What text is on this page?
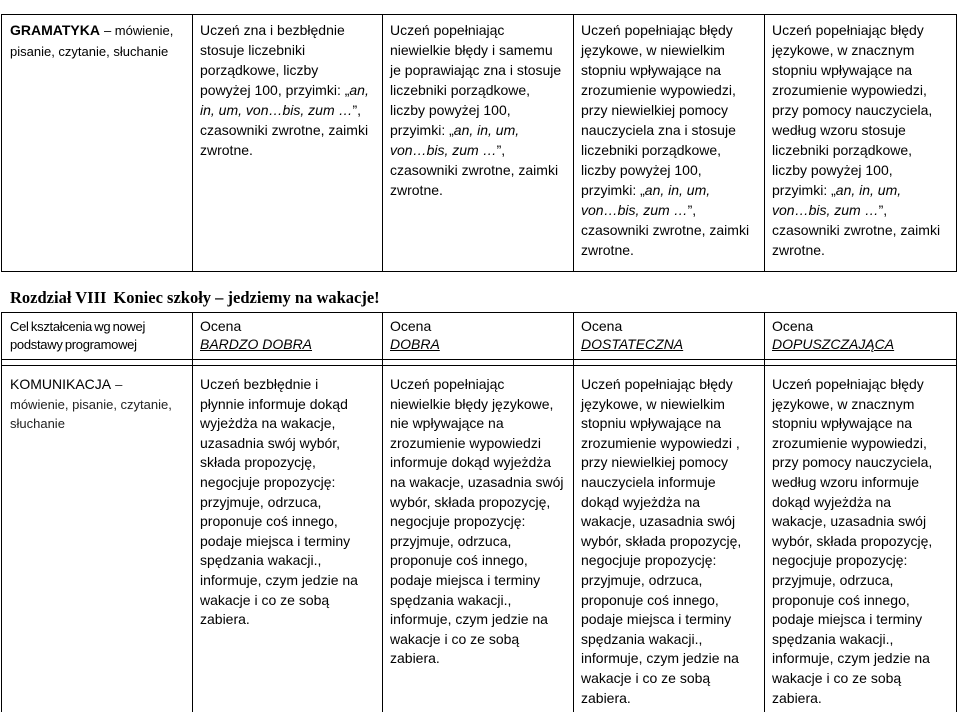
GRAMATYKA – mówienie,
pisanie, czytanie, słuchanie
Uczeń zna i bezbłędnie
stosuje liczebniki
porządkowe, liczby
powyżej 100, przyimki: „an,
in, um, von…bis, zum …”,
czasowniki zwrotne, zaimki
zwrotne.
Uczeń popełniając
niewielkie błędy i samemu
je poprawiając zna i stosuje
liczebniki porządkowe,
liczby powyżej 100,
przyimki: „an, in, um,
von…bis, zum …”,
czasowniki zwrotne, zaimki
zwrotne.
Uczeń popełniając błędy
językowe, w niewielkim
stopniu wpływające na
zrozumienie wypowiedzi,
przy niewielkiej pomocy
nauczyciela zna i stosuje
liczebniki porządkowe,
liczby powyżej 100,
przyimki: „an, in, um,
von…bis, zum …”,
czasowniki zwrotne, zaimki
zwrotne.
Uczeń popełniając błędy
językowe, w znacznym
stopniu wpływające na
zrozumienie wypowiedzi,
przy pomocy nauczyciela,
według wzoru stosuje
liczebniki porządkowe,
liczby powyżej 100,
przyimki: „an, in, um,
von…bis, zum …”,
czasowniki zwrotne, zaimki
zwrotne.
Rozdział VIII Koniec szkoły – jedziemy na wakacje!
Cel kształcenia wg nowej
podstawy programowej
Ocena
BARDZO DOBRA
Ocena
DOBRA
Ocena
DOSTATECZNA
Ocena
DOPUSZCZAJĄCA
KOMUNIKACJA –
mówienie, pisanie, czytanie,
słuchanie
Uczeń bezbłędnie i
płynnie informuje dokąd
wyjeżdża na wakacje,
uzasadnia swój wybór,
składa propozycję,
negocjuje propozycję:
przyjmuje, odrzuca,
proponuje coś innego,
podaje miejsca i terminy
spędzania wakacji.,
informuje, czym jedzie na
wakacje i co ze sobą
zabiera.
Uczeń popełniając
niewielkie błędy językowe,
nie wpływające na
zrozumienie wypowiedzi
informuje dokąd wyjeżdża
na wakacje, uzasadnia swój
wybór, składa propozycję,
negocjuje propozycję:
przyjmuje, odrzuca,
proponuje coś innego,
podaje miejsca i terminy
spędzania wakacji.,
informuje, czym jedzie na
wakacje i co ze sobą
zabiera.
Uczeń popełniając błędy
językowe, w niewielkim
stopniu wpływające na
zrozumienie wypowiedzi ,
przy niewielkiej pomocy
nauczyciela informuje
dokąd wyjeżdża na
wakacje, uzasadnia swój
wybór, składa propozycję,
negocjuje propozycję:
przyjmuje, odrzuca,
proponuje coś innego,
podaje miejsca i terminy
spędzania wakacji.,
informuje, czym jedzie na
wakacje i co ze sobą
zabiera.
Uczeń popełniając błędy
językowe, w znacznym
stopniu wpływające na
zrozumienie wypowiedzi,
przy pomocy nauczyciela,
według wzoru informuje
dokąd wyjeżdża na
wakacje, uzasadnia swój
wybór, składa propozycję,
negocjuje propozycję:
przyjmuje, odrzuca,
proponuje coś innego,
podaje miejsca i terminy
spędzania wakacji.,
informuje, czym jedzie na
wakacje i co ze sobą
zabiera.
